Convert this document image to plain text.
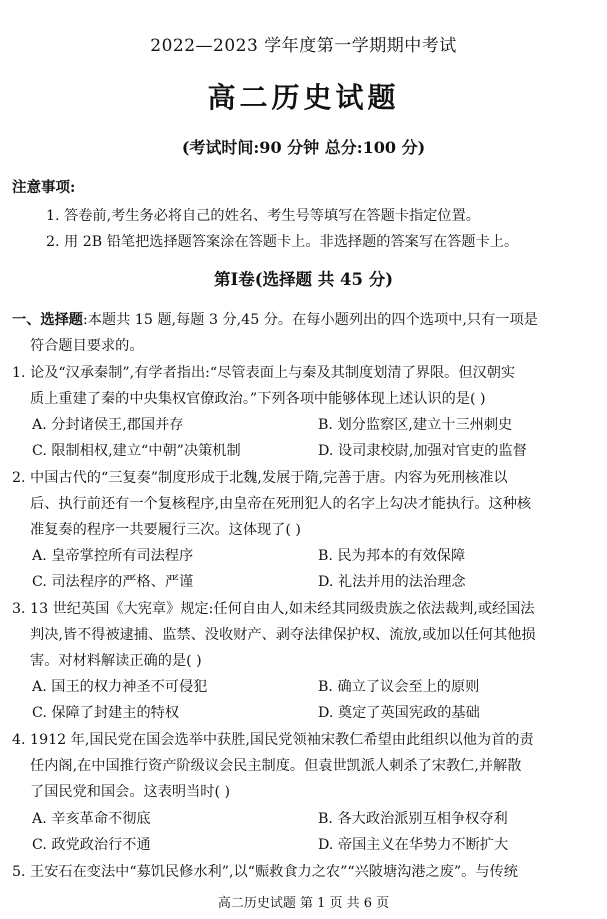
2022—2023 学年度第一学期期中考试
高二历史试题
(考试时间:90 分钟 总分:100 分)
注意事项:
1. 答卷前,考生务必将自己的姓名、考生号等填写在答题卡指定位置。
2. 用 2B 铅笔把选择题答案涂在答题卡上。非选择题的答案写在答题卡上。
第Ⅰ卷(选择题 共 45 分)
一、选择题:本题共 15 题,每题 3 分,45 分。在每小题列出的四个选项中,只有一项是
符合题目要求的。
1. 论及“汉承秦制”,有学者指出:“尽管表面上与秦及其制度划清了界限。但汉朝实
质上重建了秦的中央集权官僚政治。”下列各项中能够体现上述认识的是( )
A. 分封诸侯王,郡国并存	B. 划分监察区,建立十三州刺史
C. 限制相权,建立“中朝”决策机制	D. 设司隶校尉,加强对官吏的监督
2. 中国古代的“三复奏”制度形成于北魏,发展于隋,完善于唐。内容为死刑核准以
后、执行前还有一个复核程序,由皇帝在死刑犯人的名字上勾决才能执行。这种核
准复奏的程序一共要履行三次。这体现了( )
A. 皇帝掌控所有司法程序	B. 民为邦本的有效保障
C. 司法程序的严格、严谨	D. 礼法并用的法治理念
3. 13 世纪英国《大宪章》规定:任何自由人,如未经其同级贵族之依法裁判,或经国法
判决,皆不得被逮捕、监禁、没收财产、剥夺法律保护权、流放,或加以任何其他损
害。对材料解读正确的是( )
A. 国王的权力神圣不可侵犯	B. 确立了议会至上的原则
C. 保障了封建主的特权	D. 奠定了英国宪政的基础
4. 1912 年,国民党在国会选举中获胜,国民党领袖宋教仁希望由此组织以他为首的责
任内阁,在中国推行资产阶级议会民主制度。但袁世凯派人刺杀了宋教仁,并解散
了国民党和国会。这表明当时( )
A. 辛亥革命不彻底	B. 各大政治派别互相争权夺利
C. 政党政治行不通	D. 帝国主义在华势力不断扩大
5. 王安石在变法中“募饥民修水利”,以“赈救食力之农”“兴陂塘沟港之废”。与传统
高二历史试题 第 1 页 共 6 页
